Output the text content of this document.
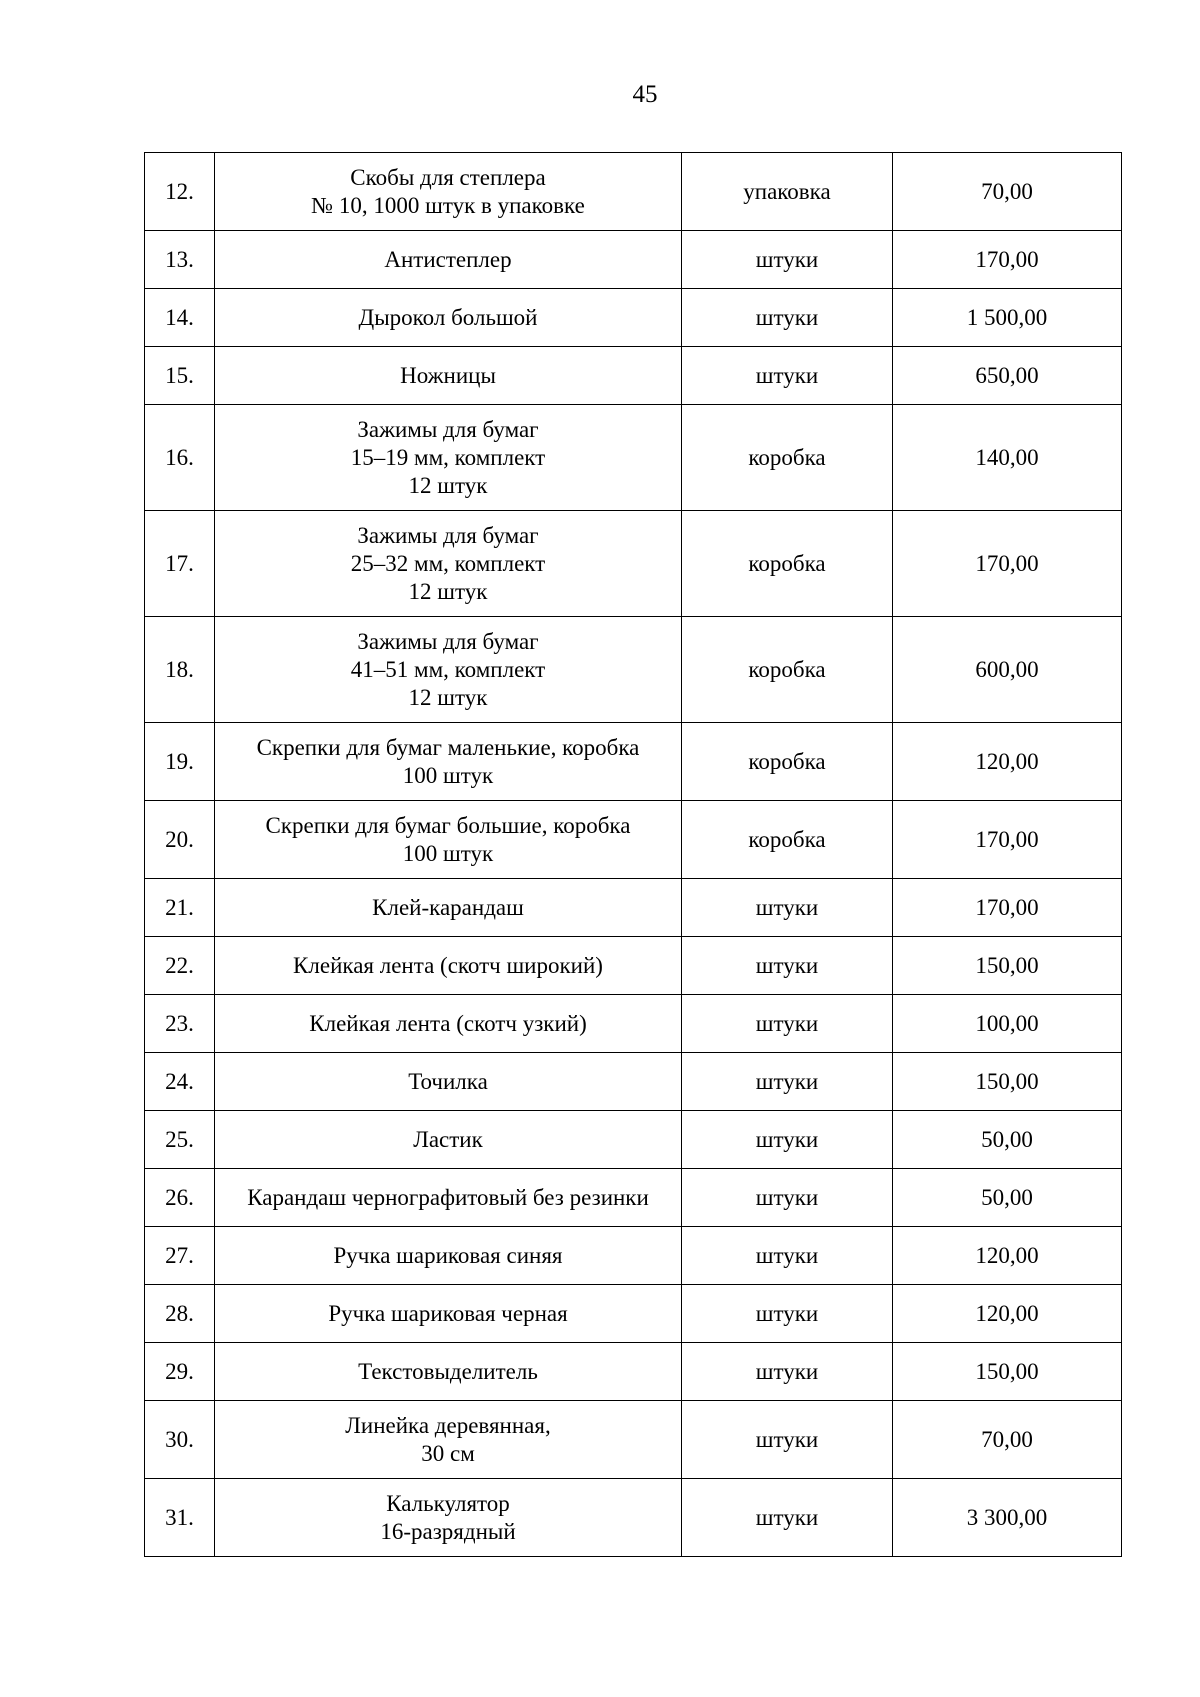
45
12.	Скобы для степлера
№ 10, 1000 штук в упаковке	упаковка	70,00
13.	Антистеплер	штуки	170,00
14.	Дырокол большой	штуки	1 500,00
15.	Ножницы	штуки	650,00
16.	Зажимы для бумаг
15–19 мм, комплект
12 штук	коробка	140,00
17.	Зажимы для бумаг
25–32 мм, комплект
12 штук	коробка	170,00
18.	Зажимы для бумаг
41–51 мм, комплект
12 штук	коробка	600,00
19.	Скрепки для бумаг маленькие, коробка
100 штук	коробка	120,00
20.	Скрепки для бумаг большие, коробка
100 штук	коробка	170,00
21.	Клей-карандаш	штуки	170,00
22.	Клейкая лента (скотч широкий)	штуки	150,00
23.	Клейкая лента (скотч узкий)	штуки	100,00
24.	Точилка	штуки	150,00
25.	Ластик	штуки	50,00
26.	Карандаш чернографитовый без резинки	штуки	50,00
27.	Ручка шариковая синяя	штуки	120,00
28.	Ручка шариковая черная	штуки	120,00
29.	Текстовыделитель	штуки	150,00
30.	Линейка деревянная,
30 см	штуки	70,00
31.	Калькулятор
16-разрядный	штуки	3 300,00
